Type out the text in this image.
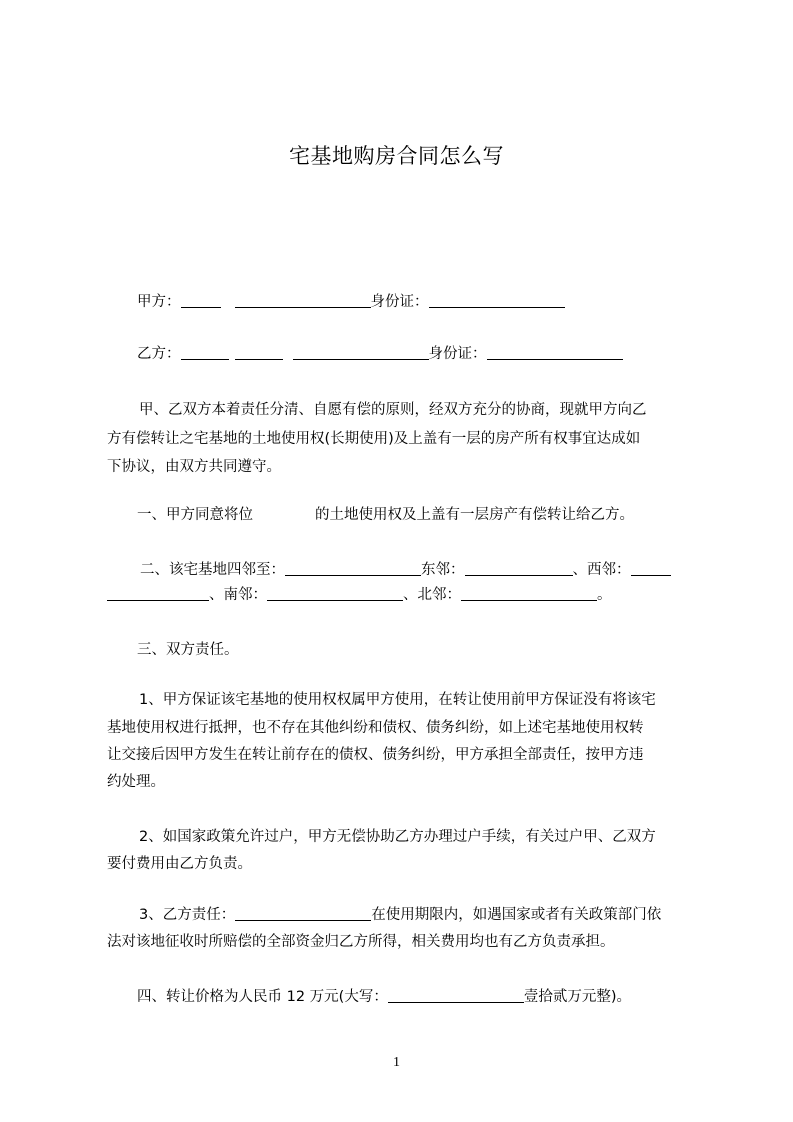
宅基地购房合同怎么写
甲方：	身份证：
乙方：	身份证：
甲、乙双方本着责任分清、自愿有偿的原则，经双方充分的协商，现就甲方向乙
方有偿转让之宅基地的土地使用权(长期使用)及上盖有一层的房产所有权事宜达成如
下协议，由双方共同遵守。
一、甲方同意将位	的土地使用权及上盖有一层房产有偿转让给乙方。
二、该宅基地四邻至：	东邻：	、西邻：
、南邻：	、北邻：	。
三、双方责任。
1、甲方保证该宅基地的使用权权属甲方使用，在转让使用前甲方保证没有将该宅
基地使用权进行抵押，也不存在其他纠纷和债权、债务纠纷，如上述宅基地使用权转
让交接后因甲方发生在转让前存在的债权、债务纠纷，甲方承担全部责任，按甲方违
约处理。
2、如国家政策允许过户，甲方无偿协助乙方办理过户手续，有关过户甲、乙双方
要付费用由乙方负责。
3、乙方责任：	在使用期限内，如遇国家或者有关政策部门依
法对该地征收时所赔偿的全部资金归乙方所得，相关费用均也有乙方负责承担。
四、转让价格为人民币 12 万元(大写：	壹拾贰万元整)。
1
